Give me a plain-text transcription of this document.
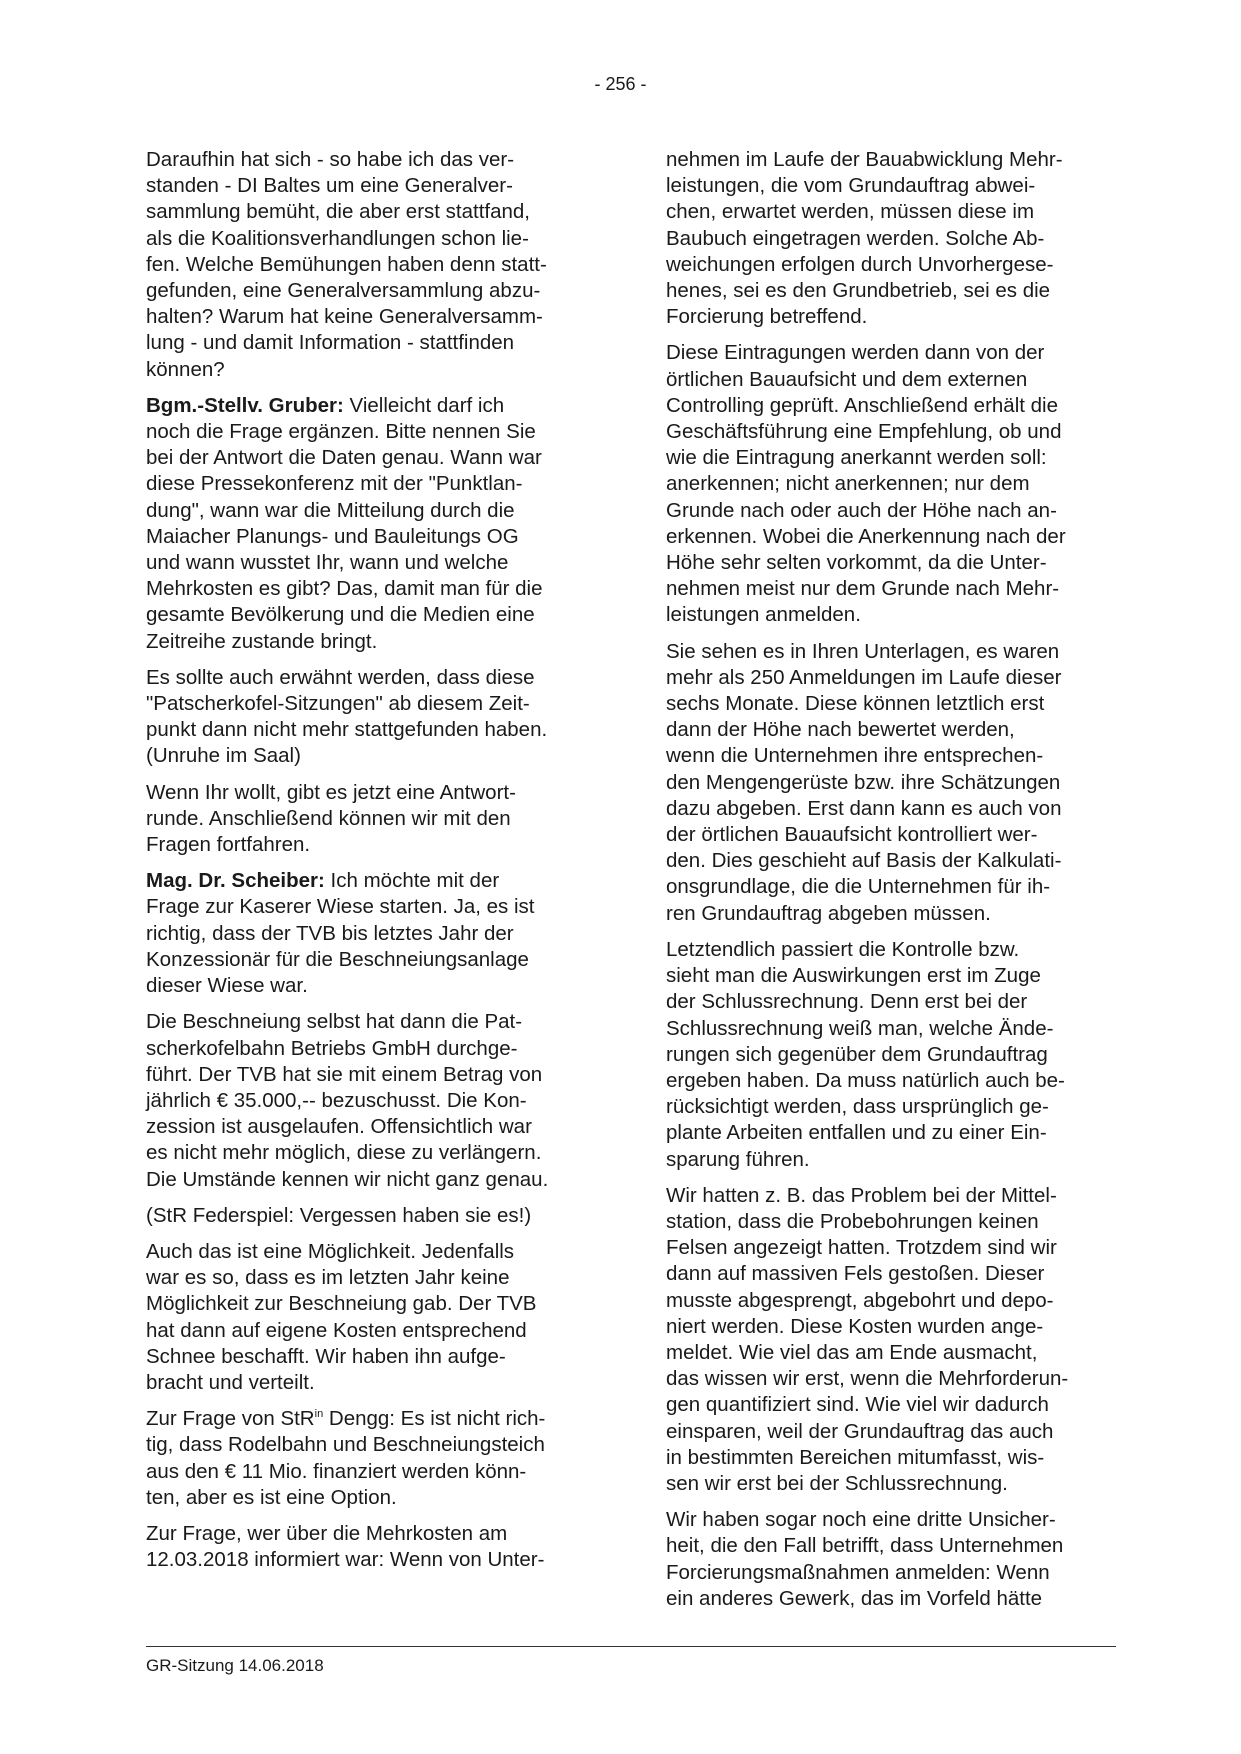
- 256 -

Daraufhin hat sich - so habe ich das ver-
standen - DI Baltes um eine Generalver-
sammlung bemüht, die aber erst stattfand,
als die Koalitionsverhandlungen schon lie-
fen. Welche Bemühungen haben denn statt-
gefunden, eine Generalversammlung abzu-
halten? Warum hat keine Generalversamm-
lung - und damit Information - stattfinden
können?

Bgm.-Stellv. Gruber: Vielleicht darf ich
noch die Frage ergänzen. Bitte nennen Sie
bei der Antwort die Daten genau. Wann war
diese Pressekonferenz mit der "Punktlan-
dung", wann war die Mitteilung durch die
Maiacher Planungs- und Bauleitungs OG
und wann wusstet Ihr, wann und welche
Mehrkosten es gibt? Das, damit man für die
gesamte Bevölkerung und die Medien eine
Zeitreihe zustande bringt.

Es sollte auch erwähnt werden, dass diese
"Patscherkofel-Sitzungen" ab diesem Zeit-
punkt dann nicht mehr stattgefunden haben.
(Unruhe im Saal)

Wenn Ihr wollt, gibt es jetzt eine Antwort-
runde. Anschließend können wir mit den
Fragen fortfahren.

Mag. Dr. Scheiber: Ich möchte mit der
Frage zur Kaserer Wiese starten. Ja, es ist
richtig, dass der TVB bis letztes Jahr der
Konzessionär für die Beschneiungsanlage
dieser Wiese war.

Die Beschneiung selbst hat dann die Pat-
scherkofelbahn Betriebs GmbH durchge-
führt. Der TVB hat sie mit einem Betrag von
jährlich € 35.000,-- bezuschusst. Die Kon-
zession ist ausgelaufen. Offensichtlich war
es nicht mehr möglich, diese zu verlängern.
Die Umstände kennen wir nicht ganz genau.

(StR Federspiel: Vergessen haben sie es!)

Auch das ist eine Möglichkeit. Jedenfalls
war es so, dass es im letzten Jahr keine
Möglichkeit zur Beschneiung gab. Der TVB
hat dann auf eigene Kosten entsprechend
Schnee beschafft. Wir haben ihn aufge-
bracht und verteilt.

Zur Frage von StR$^{in}$ Dengg: Es ist nicht rich-
tig, dass Rodelbahn und Beschneiungsteich
aus den € 11 Mio. finanziert werden könn-
ten, aber es ist eine Option.

Zur Frage, wer über die Mehrkosten am
12.03.2018 informiert war: Wenn von Unter-

nehmen im Laufe der Bauabwicklung Mehr-
leistungen, die vom Grundauftrag abwei-
chen, erwartet werden, müssen diese im
Baubuch eingetragen werden. Solche Ab-
weichungen erfolgen durch Unvorhergese-
henes, sei es den Grundbetrieb, sei es die
Forcierung betreffend.

Diese Eintragungen werden dann von der
örtlichen Bauaufsicht und dem externen
Controlling geprüft. Anschließend erhält die
Geschäftsführung eine Empfehlung, ob und
wie die Eintragung anerkannt werden soll:
anerkennen; nicht anerkennen; nur dem
Grunde nach oder auch der Höhe nach an-
erkennen. Wobei die Anerkennung nach der
Höhe sehr selten vorkommt, da die Unter-
nehmen meist nur dem Grunde nach Mehr-
leistungen anmelden.

Sie sehen es in Ihren Unterlagen, es waren
mehr als 250 Anmeldungen im Laufe dieser
sechs Monate. Diese können letztlich erst
dann der Höhe nach bewertet werden,
wenn die Unternehmen ihre entsprechen-
den Mengengerüste bzw. ihre Schätzungen
dazu abgeben. Erst dann kann es auch von
der örtlichen Bauaufsicht kontrolliert wer-
den. Dies geschieht auf Basis der Kalkulati-
onsgrundlage, die die Unternehmen für ih-
ren Grundauftrag abgeben müssen.

Letztendlich passiert die Kontrolle bzw.
sieht man die Auswirkungen erst im Zuge
der Schlussrechnung. Denn erst bei der
Schlussrechnung weiß man, welche Ände-
rungen sich gegenüber dem Grundauftrag
ergeben haben. Da muss natürlich auch be-
rücksichtigt werden, dass ursprünglich ge-
plante Arbeiten entfallen und zu einer Ein-
sparung führen.

Wir hatten z. B. das Problem bei der Mittel-
station, dass die Probebohrungen keinen
Felsen angezeigt hatten. Trotzdem sind wir
dann auf massiven Fels gestoßen. Dieser
musste abgesprengt, abgebohrt und depo-
niert werden. Diese Kosten wurden ange-
meldet. Wie viel das am Ende ausmacht,
das wissen wir erst, wenn die Mehrforderun-
gen quantifiziert sind. Wie viel wir dadurch
einsparen, weil der Grundauftrag das auch
in bestimmten Bereichen mitumfasst, wis-
sen wir erst bei der Schlussrechnung.

Wir haben sogar noch eine dritte Unsicher-
heit, die den Fall betrifft, dass Unternehmen
Forcierungsmaßnahmen anmelden: Wenn
ein anderes Gewerk, das im Vorfeld hätte

GR-Sitzung 14.06.2018
